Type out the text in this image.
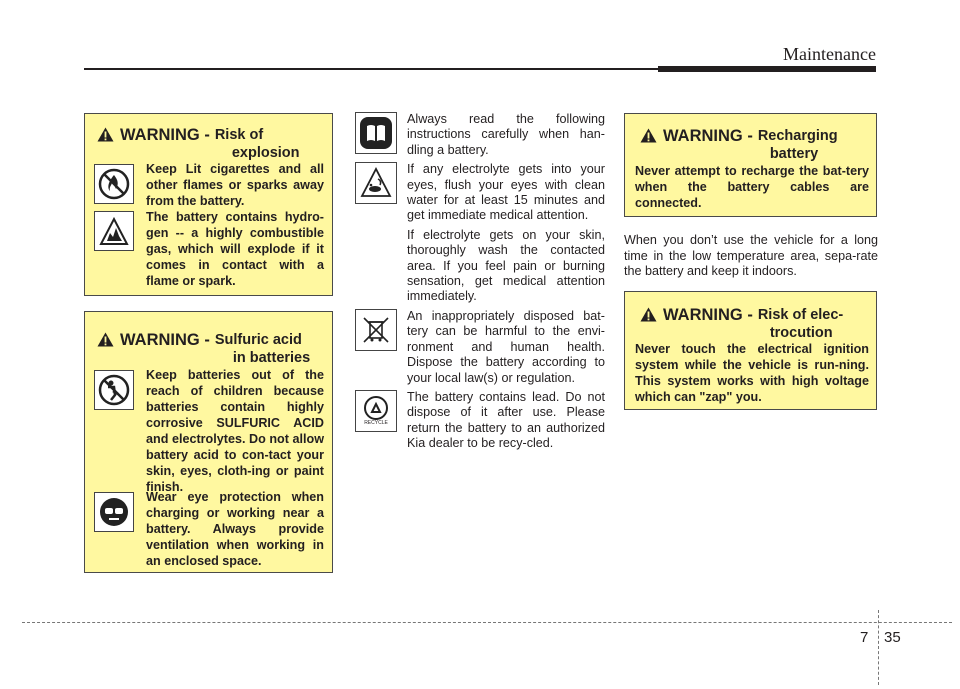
Maintenance
WARNING - Risk of
explosion
Keep Lit cigarettes and all other flames or sparks away from the battery.
The battery contains hydro-gen -- a highly combustible gas, which will explode if it comes in contact with a flame or spark.
WARNING - Sulfuric acid
in batteries
Keep batteries out of the reach of children because batteries contain highly corrosive SULFURIC ACID and electrolytes. Do not allow battery acid to con-tact your skin, eyes, cloth-ing or paint finish.
Wear eye protection when charging or working near a battery. Always provide ventilation when working in an enclosed space.
Always read the following instructions carefully when han-dling a battery.
If any electrolyte gets into your eyes, flush your eyes with clean water for at least 15 minutes and get immediate medical attention.
If electrolyte gets on your skin, thoroughly wash the contacted area. If you feel pain or burning sensation, get medical attention immediately.
An inappropriately disposed bat-tery can be harmful to the envi-ronment and human health. Dispose the battery according to your local law(s) or regulation.
RECYCLE
The battery contains lead. Do not dispose of it after use. Please return the battery to an authorized Kia dealer to be recy-cled.
WARNING - Recharging
battery
Never attempt to recharge the bat-tery when the battery cables are connected.
When you don’t use the vehicle for a long time in the low temperature area, sepa-rate the battery and keep it indoors.
WARNING - Risk of elec-
trocution
Never touch the electrical ignition system while the vehicle is run-ning. This system works with high voltage which can "zap" you.
7 35
